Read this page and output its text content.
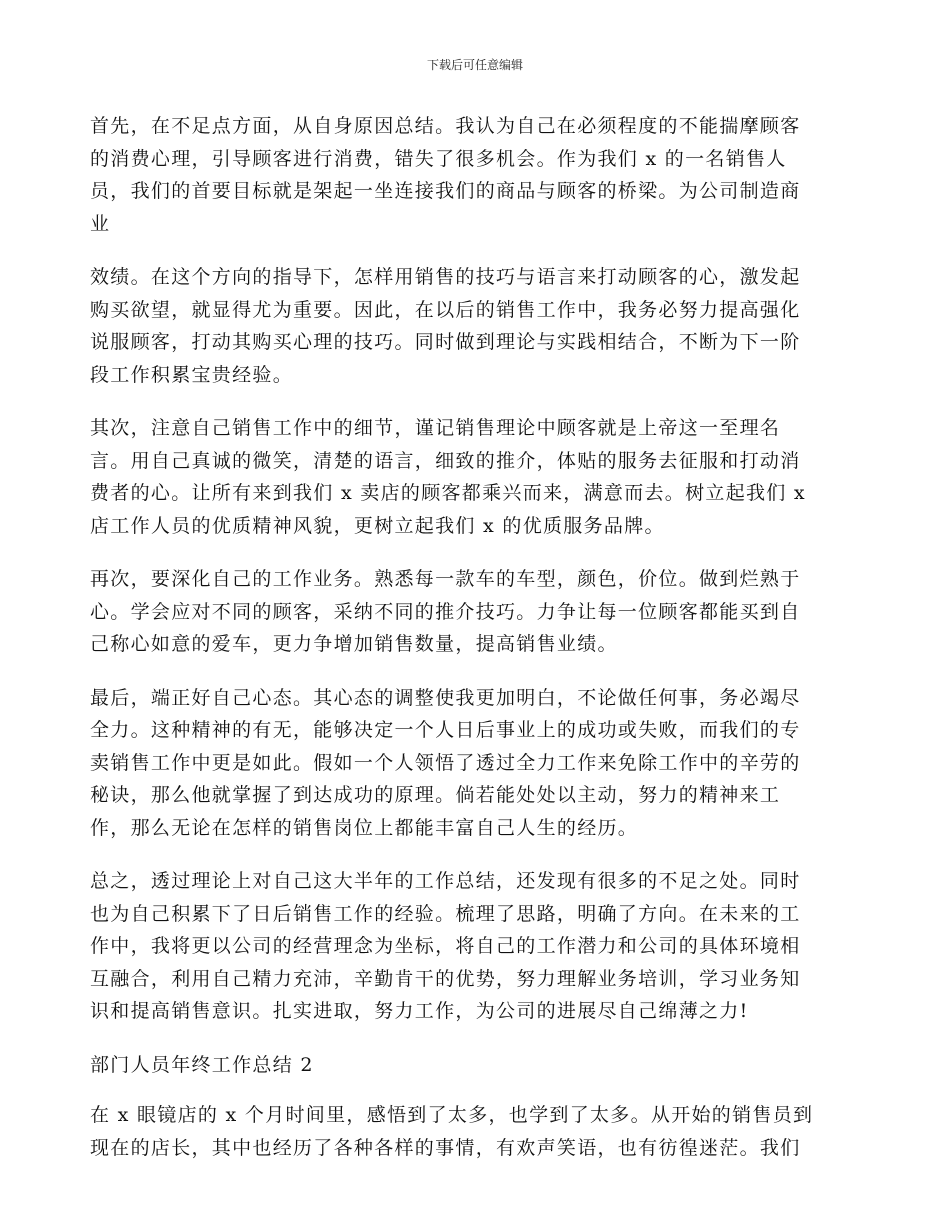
下载后可任意编辑

首先，在不足点方面，从自身原因总结。我认为自己在必须程度的不能揣摩顾客
的消费心理，引导顾客进行消费，错失了很多机会。作为我们 x 的一名销售人
员，我们的首要目标就是架起一坐连接我们的商品与顾客的桥梁。为公司制造商
业

效绩。在这个方向的指导下，怎样用销售的技巧与语言来打动顾客的心，激发起
购买欲望，就显得尤为重要。因此，在以后的销售工作中，我务必努力提高强化
说服顾客，打动其购买心理的技巧。同时做到理论与实践相结合，不断为下一阶
段工作积累宝贵经验。

其次，注意自己销售工作中的细节，谨记销售理论中顾客就是上帝这一至理名
言。用自己真诚的微笑，清楚的语言，细致的推介，体贴的服务去征服和打动消
费者的心。让所有来到我们 x 卖店的顾客都乘兴而来，满意而去。树立起我们 x
店工作人员的优质精神风貌，更树立起我们 x 的优质服务品牌。

再次，要深化自己的工作业务。熟悉每一款车的车型，颜色，价位。做到烂熟于
心。学会应对不同的顾客，采纳不同的推介技巧。力争让每一位顾客都能买到自
己称心如意的爱车，更力争增加销售数量，提高销售业绩。

最后，端正好自己心态。其心态的调整使我更加明白，不论做任何事，务必竭尽
全力。这种精神的有无，能够决定一个人日后事业上的成功或失败，而我们的专
卖销售工作中更是如此。假如一个人领悟了透过全力工作来免除工作中的辛劳的
秘诀，那么他就掌握了到达成功的原理。倘若能处处以主动，努力的精神来工
作，那么无论在怎样的销售岗位上都能丰富自己人生的经历。

总之，透过理论上对自己这大半年的工作总结，还发现有很多的不足之处。同时
也为自己积累下了日后销售工作的经验。梳理了思路，明确了方向。在未来的工
作中，我将更以公司的经营理念为坐标，将自己的工作潜力和公司的具体环境相
互融合，利用自己精力充沛，辛勤肯干的优势，努力理解业务培训，学习业务知
识和提高销售意识。扎实进取，努力工作，为公司的进展尽自己绵薄之力!

部门人员年终工作总结 2

在 x 眼镜店的 x 个月时间里，感悟到了太多，也学到了太多。从开始的销售员到
现在的店长，其中也经历了各种各样的事情，有欢声笑语，也有彷徨迷茫。我们
